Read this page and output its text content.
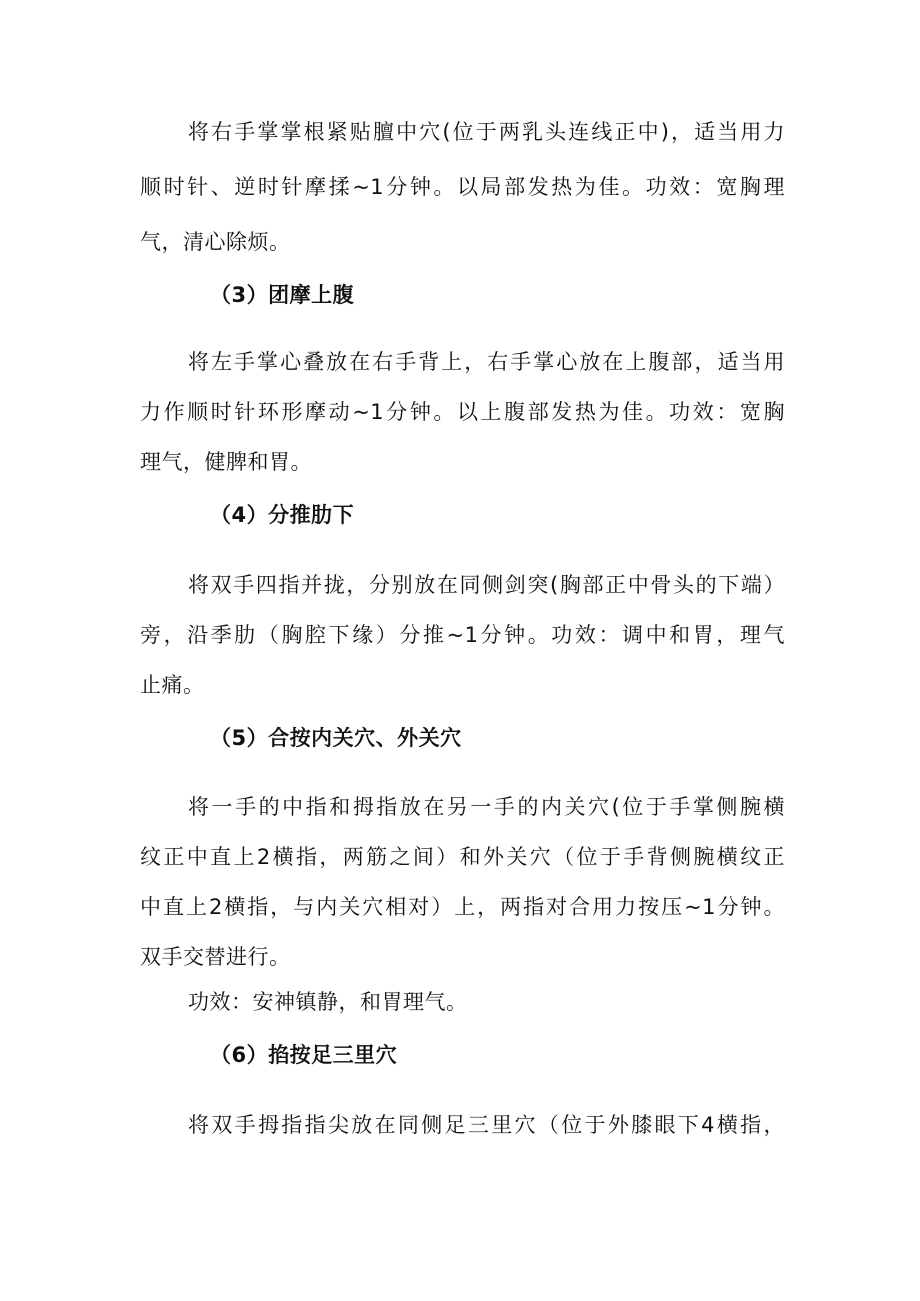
将右手掌掌根紧贴膻中穴(位于两乳头连线正中)，适当用力
顺时针、逆时针摩揉~1分钟。以局部发热为佳。功效：宽胸理
气，清心除烦。
（3）团摩上腹
将左手掌心叠放在右手背上，右手掌心放在上腹部，适当用
力作顺时针环形摩动~1分钟。以上腹部发热为佳。功效：宽胸
理气，健脾和胃。
（4）分推肋下
将双手四指并拢，分别放在同侧剑突(胸部正中骨头的下端）
旁，沿季肋（胸腔下缘）分推~1分钟。功效：调中和胃，理气
止痛。
（5）合按内关穴、外关穴
将一手的中指和拇指放在另一手的内关穴(位于手掌侧腕横
纹正中直上2横指，两筋之间）和外关穴（位于手背侧腕横纹正
中直上2横指，与内关穴相对）上，两指对合用力按压~1分钟。
双手交替进行。
功效：安神镇静，和胃理气。
（6）掐按足三里穴
将双手拇指指尖放在同侧足三里穴（位于外膝眼下4横指，
